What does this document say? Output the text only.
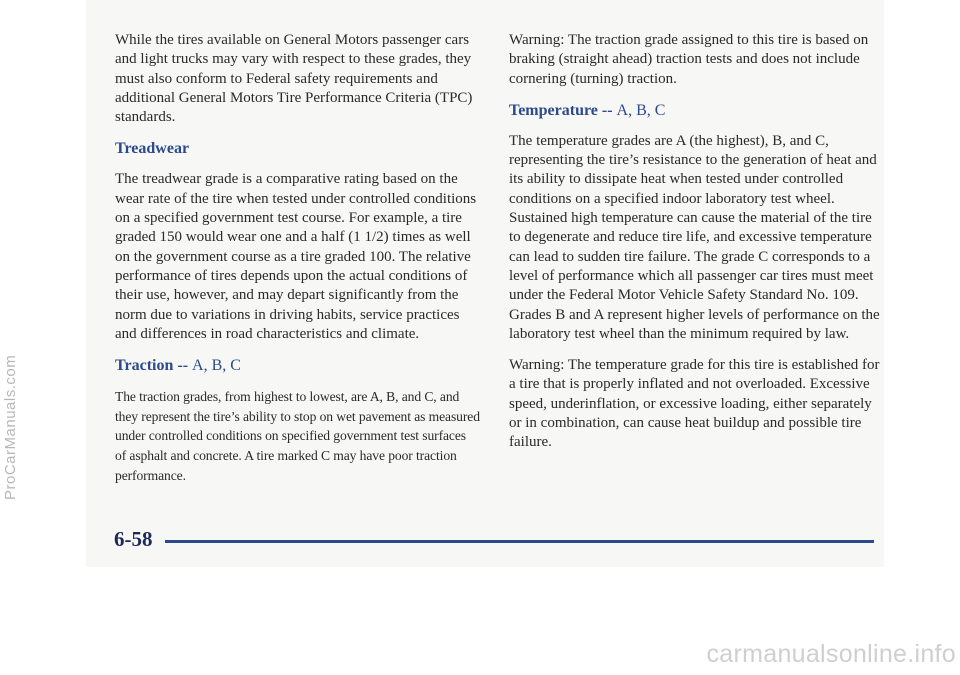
While the tires available on General Motors passenger cars and light trucks may vary with respect to these grades, they must also conform to Federal safety requirements and additional General Motors Tire Performance Criteria (TPC) standards.

Treadwear

The treadwear grade is a comparative rating based on the wear rate of the tire when tested under controlled conditions on a specified government test course. For example, a tire graded 150 would wear one and a half (1 1/2) times as well on the government course as a tire graded 100. The relative performance of tires depends upon the actual conditions of their use, however, and may depart significantly from the norm due to variations in driving habits, service practices and differences in road characteristics and climate.

Traction -- A, B, C

The traction grades, from highest to lowest, are A, B, and C, and they represent the tire’s ability to stop on wet pavement as measured under controlled conditions on specified government test surfaces of asphalt and concrete. A tire marked C may have poor traction performance.

Warning: The traction grade assigned to this tire is based on braking (straight ahead) traction tests and does not include cornering (turning) traction.

Temperature -- A, B, C

The temperature grades are A (the highest), B, and C, representing the tire’s resistance to the generation of heat and its ability to dissipate heat when tested under controlled conditions on a specified indoor laboratory test wheel. Sustained high temperature can cause the material of the tire to degenerate and reduce tire life, and excessive temperature can lead to sudden tire failure. The grade C corresponds to a level of performance which all passenger car tires must meet under the Federal Motor Vehicle Safety Standard No. 109. Grades B and A represent higher levels of performance on the laboratory test wheel than the minimum required by law.

Warning: The temperature grade for this tire is established for a tire that is properly inflated and not overloaded. Excessive speed, underinflation, or excessive loading, either separately or in combination, can cause heat buildup and possible tire failure.

6-58
ProCarManuals.com
carmanualsonline.info
